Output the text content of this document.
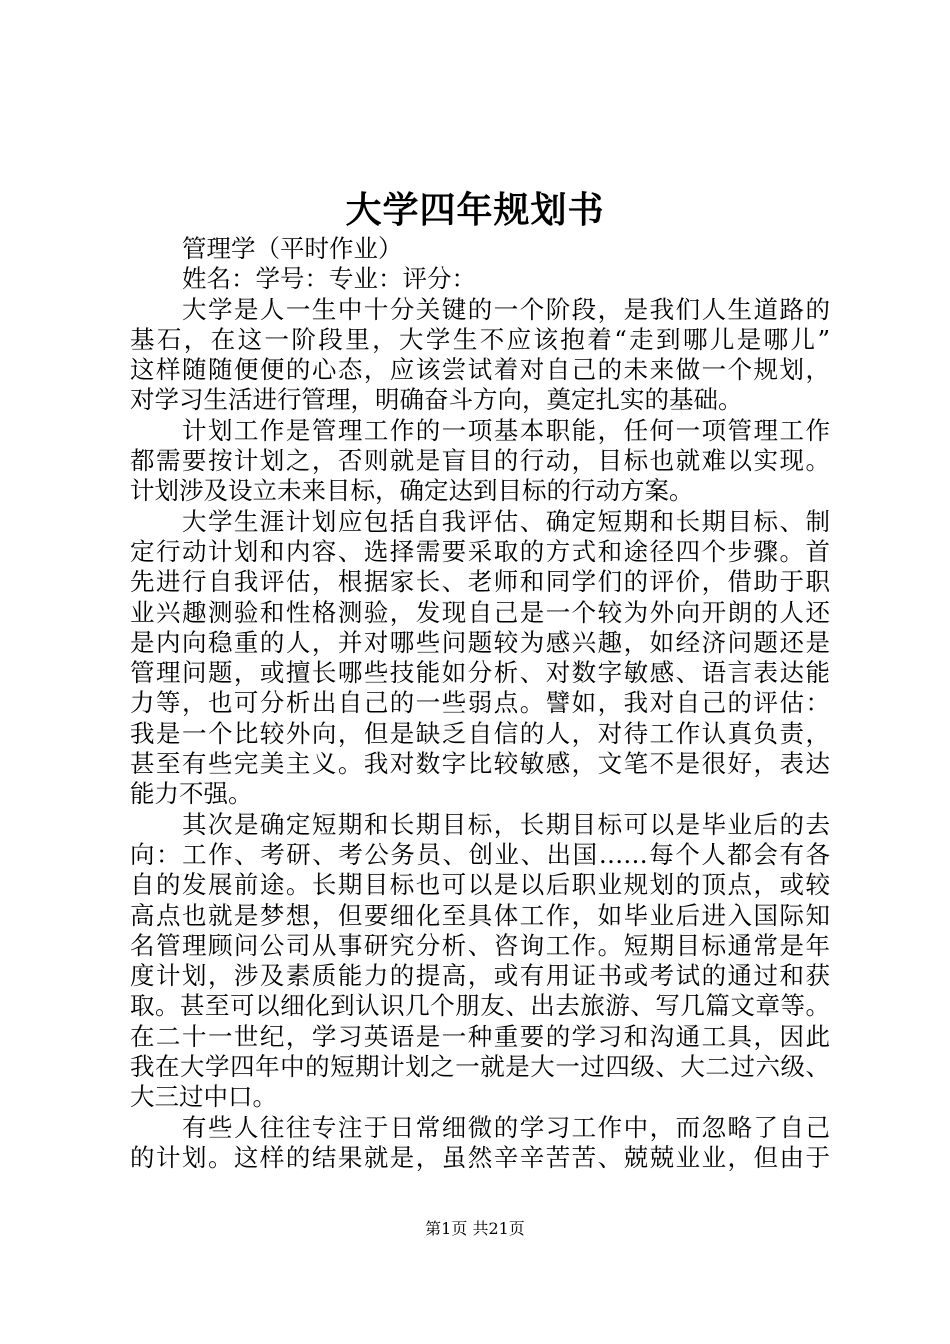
大学四年规划书
管理学（平时作业）
姓名：学号：专业：评分：
大学是人一生中十分关键的一个阶段，是我们人生道路的
基石，在这一阶段里，大学生不应该抱着“走到哪儿是哪儿”
这样随随便便的心态，应该尝试着对自己的未来做一个规划，
对学习生活进行管理，明确奋斗方向，奠定扎实的基础。
计划工作是管理工作的一项基本职能，任何一项管理工作
都需要按计划之，否则就是盲目的行动，目标也就难以实现。
计划涉及设立未来目标，确定达到目标的行动方案。
大学生涯计划应包括自我评估、确定短期和长期目标、制
定行动计划和内容、选择需要采取的方式和途径四个步骤。首
先进行自我评估，根据家长、老师和同学们的评价，借助于职
业兴趣测验和性格测验，发现自己是一个较为外向开朗的人还
是内向稳重的人，并对哪些问题较为感兴趣，如经济问题还是
管理问题，或擅长哪些技能如分析、对数字敏感、语言表达能
力等，也可分析出自己的一些弱点。譬如，我对自己的评估：
我是一个比较外向，但是缺乏自信的人，对待工作认真负责，
甚至有些完美主义。我对数字比较敏感，文笔不是很好，表达
能力不强。
其次是确定短期和长期目标，长期目标可以是毕业后的去
向：工作、考研、考公务员、创业、出国……每个人都会有各
自的发展前途。长期目标也可以是以后职业规划的顶点，或较
高点也就是梦想，但要细化至具体工作，如毕业后进入国际知
名管理顾问公司从事研究分析、咨询工作。短期目标通常是年
度计划，涉及素质能力的提高，或有用证书或考试的通过和获
取。甚至可以细化到认识几个朋友、出去旅游、写几篇文章等。
在二十一世纪，学习英语是一种重要的学习和沟通工具，因此
我在大学四年中的短期计划之一就是大一过四级、大二过六级、
大三过中口。
有些人往往专注于日常细微的学习工作中，而忽略了自己
的计划。这样的结果就是，虽然辛辛苦苦、兢兢业业，但由于
第1页 共21页
